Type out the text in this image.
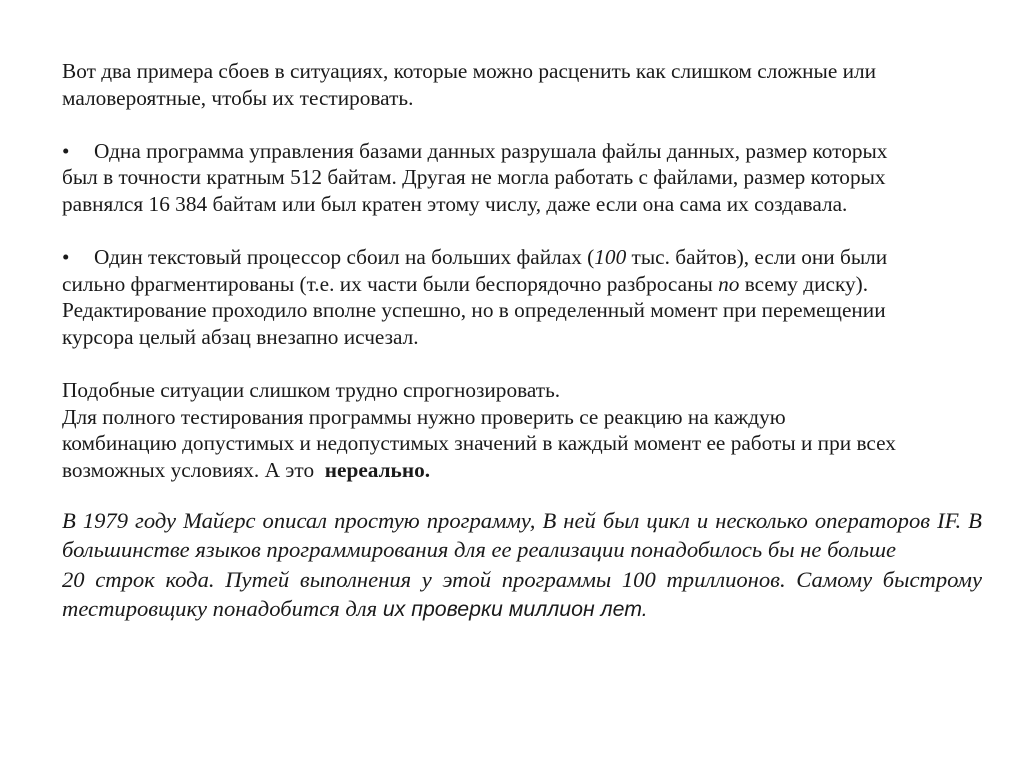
Вот два примера сбоев в ситуациях, которые можно расценить как слишком сложные или
маловероятные, чтобы их тестировать.

• Одна программа управления базами данных разрушала файлы данных, размер которых
был в точности кратным 512 байтам. Другая не могла работать с файлами, размер которых
равнялся 16 384 байтам или был кратен этому числу, даже если она сама их создавала.

• Один текстовый процессор сбоил на больших файлах (100 тыс. байтов), если они были
сильно фрагментированы (т.е. их части были беспорядочно разбросаны по всему диску).
Редактирование проходило вполне успешно, но в определенный момент при перемещении
курсора целый абзац внезапно исчезал.

Подобные ситуации слишком трудно спрогнозировать.
Для полного тестирования программы нужно проверить се реакцию на каждую
комбинацию допустимых и недопустимых значений в каждый момент ее работы и при всех
возможных условиях. А это  нереально.

В 1979 году Майерс описал простую программу, В ней был цикл и несколько операторов IF. В большинстве языков программирования для ее реализации понадобилось бы не больше
20 строк кода. Путей выполнения у этой программы 100 триллионов. Самому быстрому тестировщику понадобится для их проверки миллион лет.
